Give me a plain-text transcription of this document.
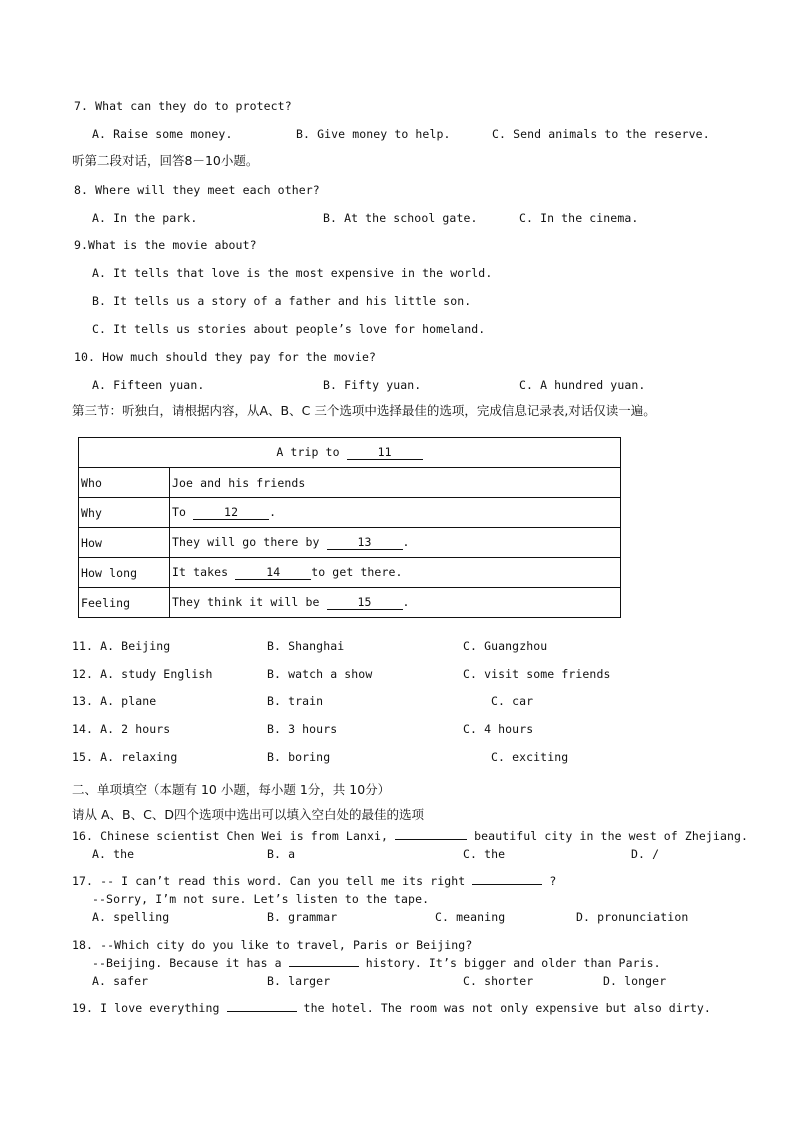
7. What can they do to protect?
A. Raise some money.	B. Give money to help.	C. Send animals to the reserve.
听第二段对话，回答8－10小题。
8. Where will they meet each other?
A. In the park.	B. At the school gate.	C. In the cinema.
9.What is the movie about?
A. It tells that love is the most expensive in the world.
B. It tells us a story of a father and his little son.
C. It tells us stories about people’s love for homeland.
10. How much should they pay for the movie?
A. Fifteen yuan.	B. Fifty yuan.	C. A hundred yuan.
第三节：听独白，请根据内容，从A、B、C 三个选项中选择最佳的选项，完成信息记录表,对话仅读一遍。
A trip to 11	
Who	Joe and his friends
Why	To 12 .
How	They will go there by 13 .
How long	It takes 14 to get there.
Feeling	They think it will be 15 .
11. A. Beijing	B. Shanghai	C. Guangzhou
12. A. study English	B. watch a show	C. visit some friends
13. A. plane	B. train	C. car
14. A. 2 hours	B. 3 hours	C. 4 hours
15. A. relaxing	B. boring	C. exciting
二、单项填空（本题有 10 小题，每小题 1分，共 10分）
请从 A、B、C、D四个选项中选出可以填入空白处的最佳的选项
16. Chinese scientist Chen Wei is from Lanxi,	beautiful city in the west of Zhejiang.
A. the	B. a	C. the	D. /
17. -- I can’t read this word. Can you tell me its right	?
--Sorry, I’m not sure. Let’s listen to the tape.
A. spelling	B. grammar	C. meaning	D. pronunciation
18. --Which city do you like to travel, Paris or Beijing?
--Beijing. Because it has a	history. It’s bigger and older than Paris.
A. safer	B. larger	C. shorter	D. longer
19. I love everything	the hotel. The room was not only expensive but also dirty.
